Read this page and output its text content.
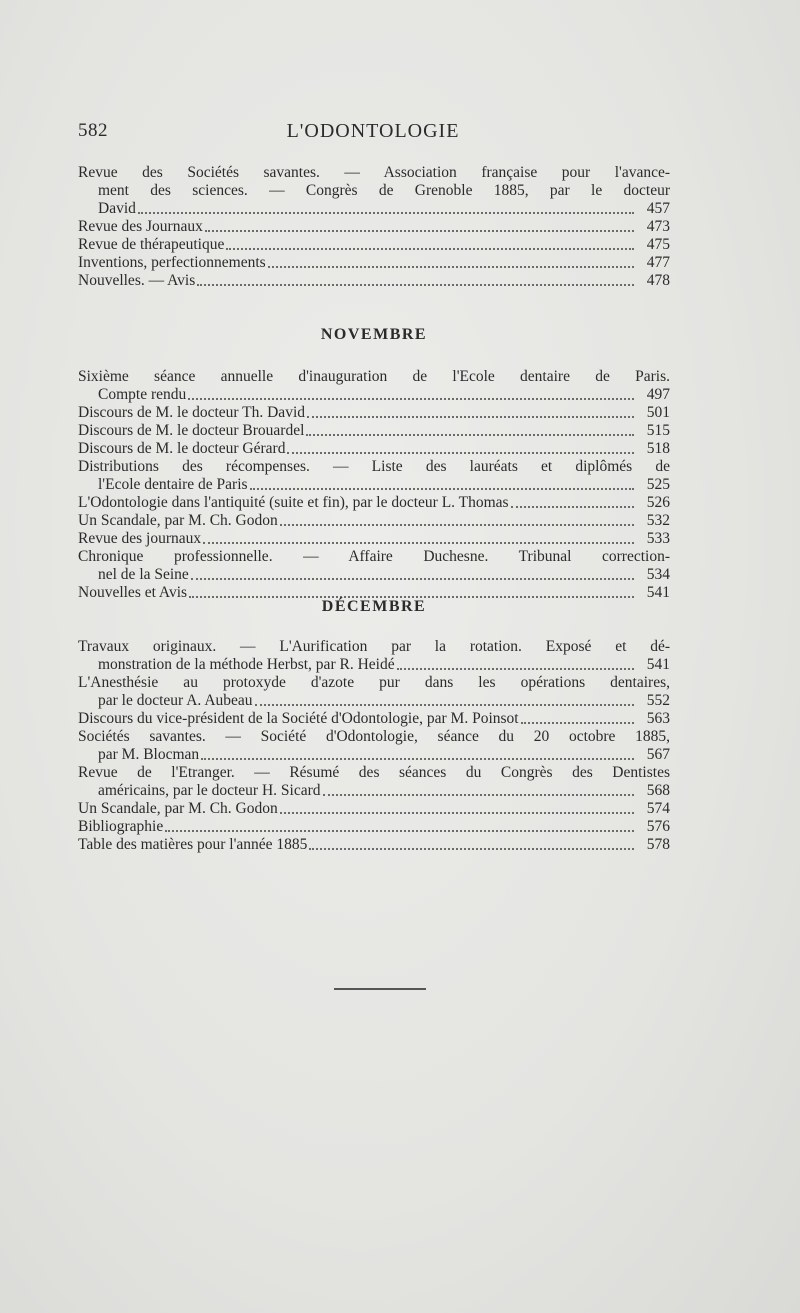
582	L'ODONTOLOGIE
Revue des Sociétés savantes. — Association française pour l'avance-
ment des sciences. — Congrès de Grenoble 1885, par le docteur
David	457
Revue des Journaux	473
Revue de thérapeutique	475
Inventions, perfectionnements	477
Nouvelles. — Avis	478
NOVEMBRE
Sixième séance annuelle d'inauguration de l'Ecole dentaire de Paris.
Compte rendu	497
Discours de M. le docteur Th. David	501
Discours de M. le docteur Brouardel	515
Discours de M. le docteur Gérard	518
Distributions des récompenses. — Liste des lauréats et diplômés de
l'Ecole dentaire de Paris	525
L'Odontologie dans l'antiquité (suite et fin), par le docteur L. Thomas	526
Un Scandale, par M. Ch. Godon	532
Revue des journaux	533
Chronique professionnelle. — Affaire Duchesne. Tribunal correction-
nel de la Seine	534
Nouvelles et Avis	541
DÉCEMBRE
Travaux originaux. — L'Aurification par la rotation. Exposé et dé-
monstration de la méthode Herbst, par R. Heidé	541
L'Anesthésie au protoxyde d'azote pur dans les opérations dentaires,
par le docteur A. Aubeau	552
Discours du vice-président de la Société d'Odontologie, par M. Poinsot	563
Sociétés savantes. — Société d'Odontologie, séance du 20 octobre 1885,
par M. Blocman	567
Revue de l'Etranger. — Résumé des séances du Congrès des Dentistes
américains, par le docteur H. Sicard	568
Un Scandale, par M. Ch. Godon	574
Bibliographie	576
Table des matières pour l'année 1885	578
